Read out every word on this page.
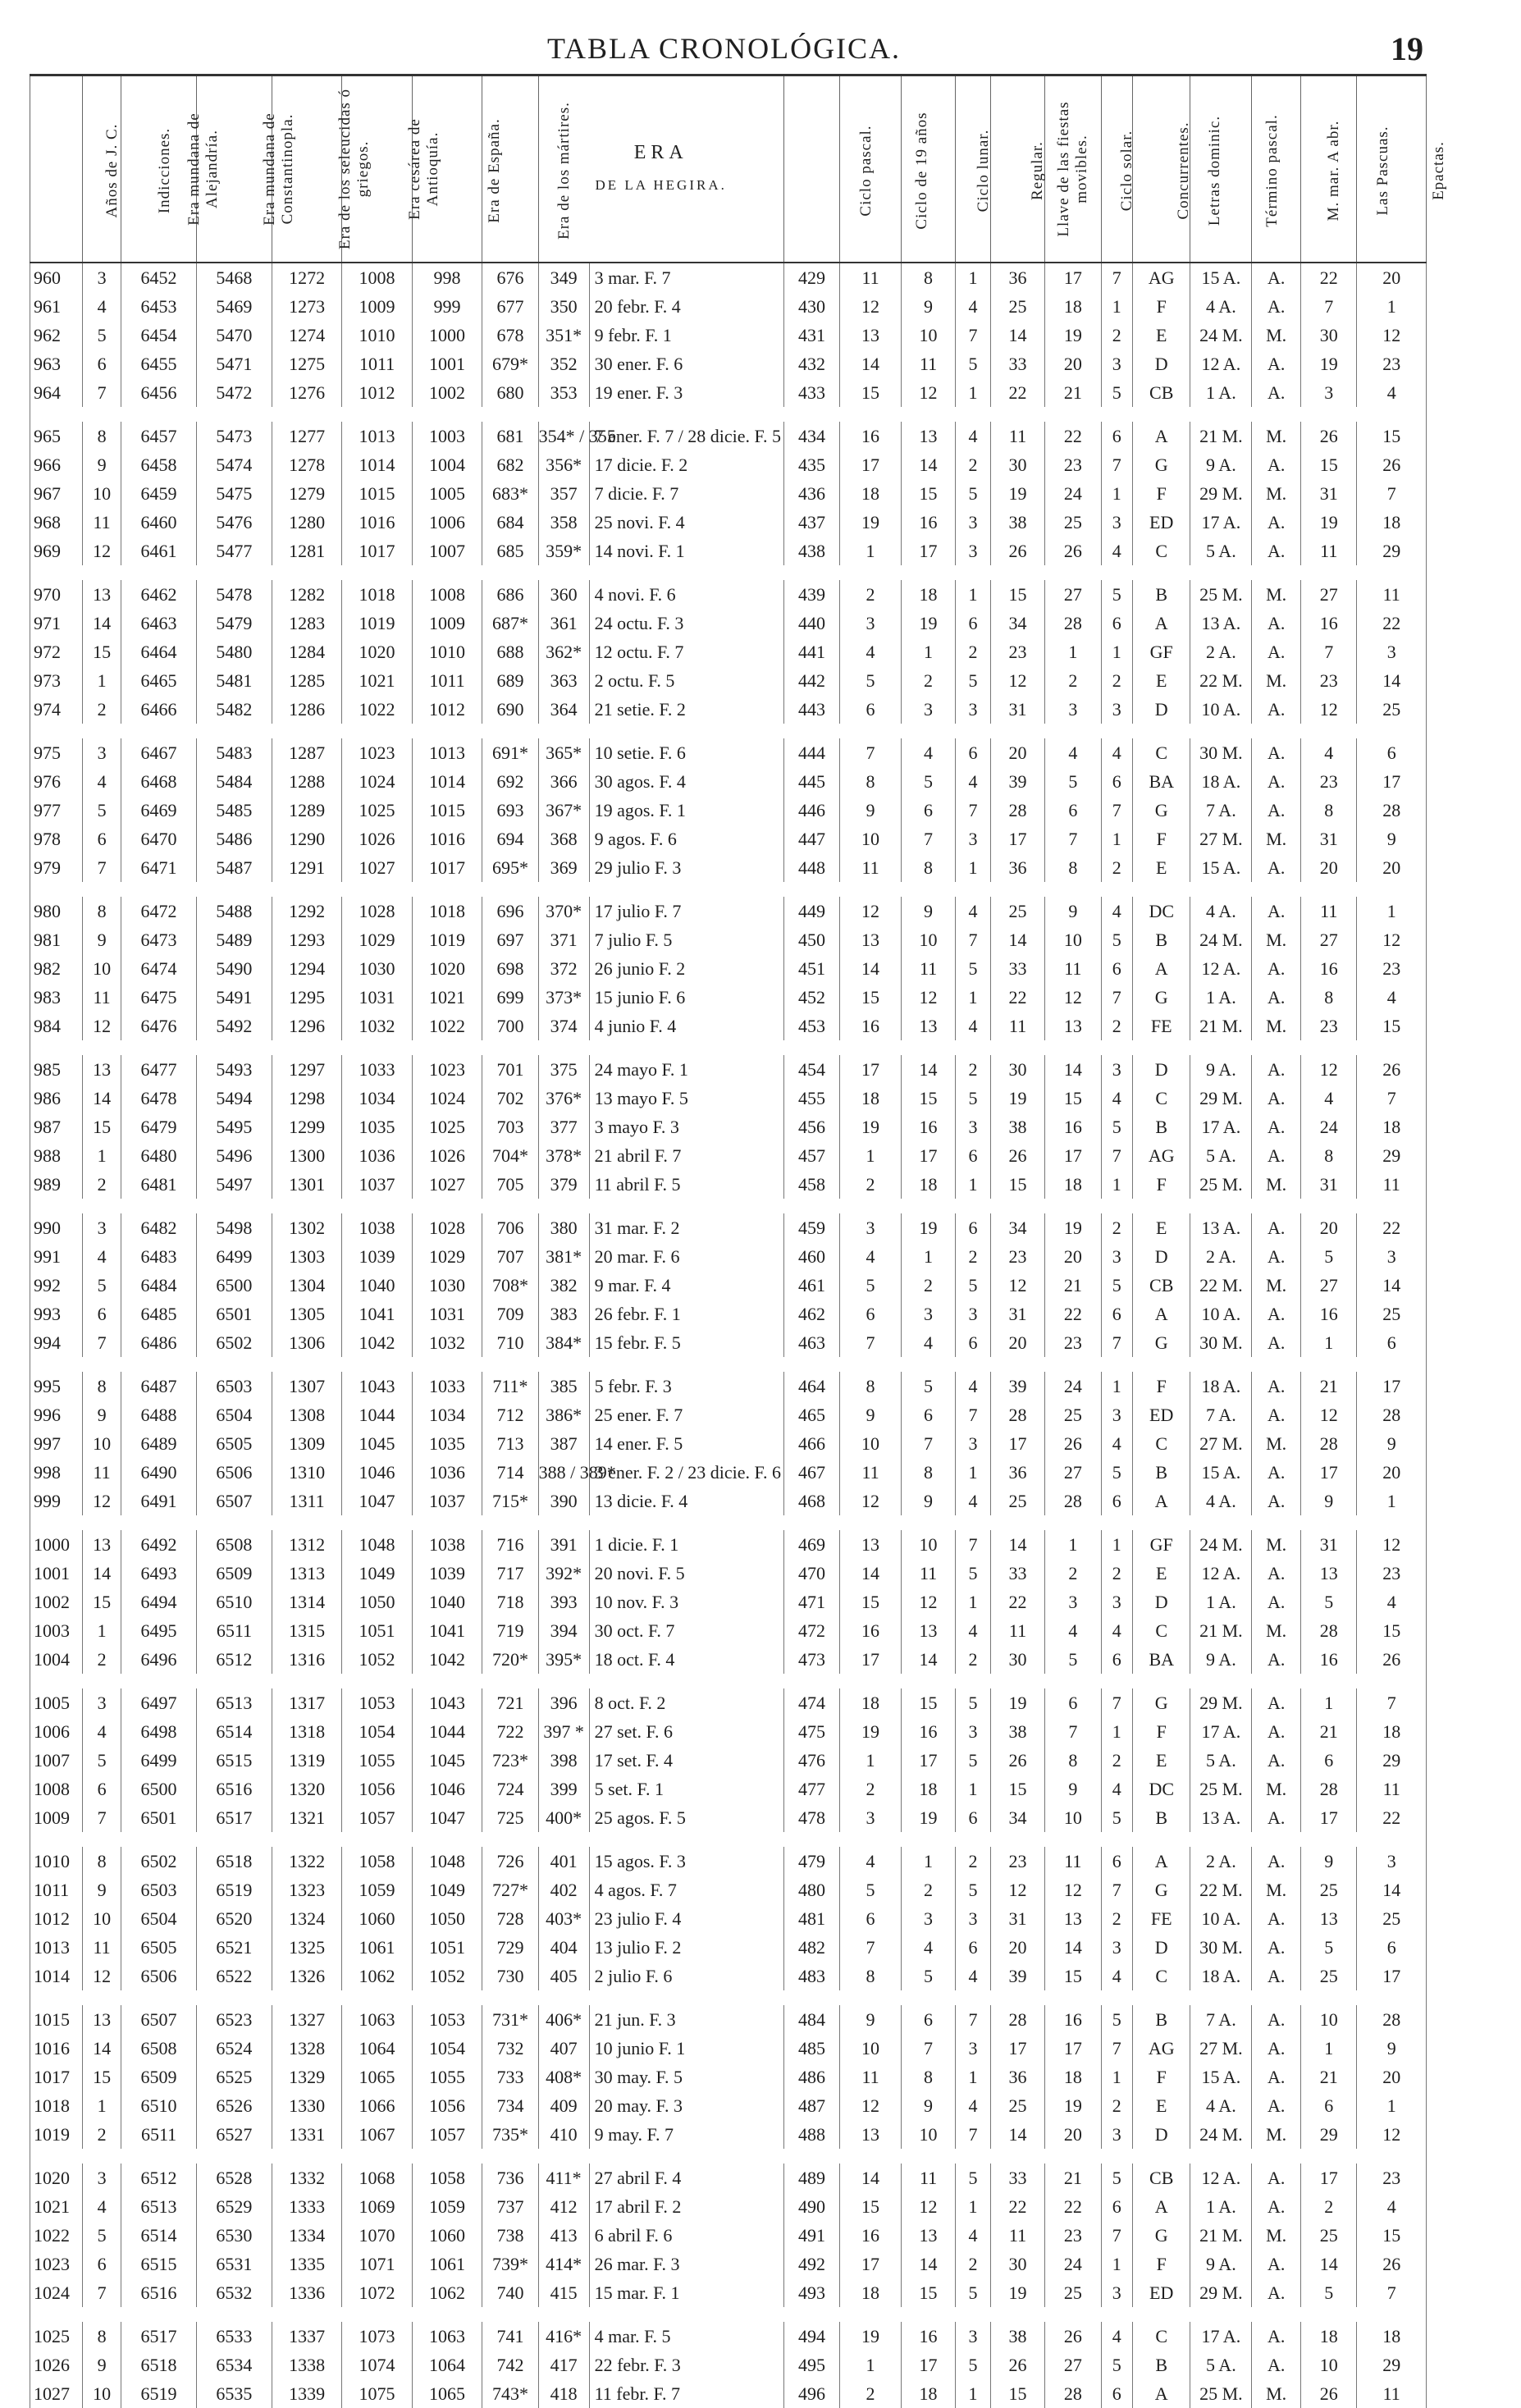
TABLA CRONOLÓGICA.	19
Años de J. C.	Indicciones.	Era mundana de Alejandría.	Era mundana de Constantinopla.	Era de los seleucidas ó griegos.	Era cesárea de Antioquía.	Era de España.	Era de los mártires.	ERA
DE LA HEGIRA.		Ciclo pascal.	Ciclo de 19 años	Ciclo lunar.	Regular.	Llave de las fiestas movibles.	Ciclo solar.	Concurrentes.	Letras dominic.	Término pascal.	M. mar. A abr.	Las Pascuas.	Epactas.
960	3	6452	5468	1272	1008	998	676	349	3 mar. F. 7	429	11	8	1	36	17	7	AG	15 A.	A.	22	20
961	4	6453	5469	1273	1009	999	677	350	20 febr. F. 4	430	12	9	4	25	18	1	F	4 A.	A.	7	1
962	5	6454	5470	1274	1010	1000	678	351*	9 febr. F. 1	431	13	10	7	14	19	2	E	24 M.	M.	30	12
963	6	6455	5471	1275	1011	1001	679*	352	30 ener. F. 6	432	14	11	5	33	20	3	D	12 A.	A.	19	23
964	7	6456	5472	1276	1012	1002	680	353	19 ener. F. 3	433	15	12	1	22	21	5	CB	1 A.	A.	3	4

965	8	6457	5473	1277	1013	1003	681	354* / 355	7 ener. F. 7 / 28 dicie. F. 5	434	16	13	4	11	22	6	A	21 M.	M.	26	15
966	9	6458	5474	1278	1014	1004	682	356*	17 dicie. F. 2	435	17	14	2	30	23	7	G	9 A.	A.	15	26
967	10	6459	5475	1279	1015	1005	683*	357	7 dicie. F. 7	436	18	15	5	19	24	1	F	29 M.	M.	31	7
968	11	6460	5476	1280	1016	1006	684	358	25 novi. F. 4	437	19	16	3	38	25	3	ED	17 A.	A.	19	18
969	12	6461	5477	1281	1017	1007	685	359*	14 novi. F. 1	438	1	17	3	26	26	4	C	5 A.	A.	11	29

970	13	6462	5478	1282	1018	1008	686	360	4 novi. F. 6	439	2	18	1	15	27	5	B	25 M.	M.	27	11
971	14	6463	5479	1283	1019	1009	687*	361	24 octu. F. 3	440	3	19	6	34	28	6	A	13 A.	A.	16	22
972	15	6464	5480	1284	1020	1010	688	362*	12 octu. F. 7	441	4	1	2	23	1	1	GF	2 A.	A.	7	3
973	1	6465	5481	1285	1021	1011	689	363	2 octu. F. 5	442	5	2	5	12	2	2	E	22 M.	M.	23	14
974	2	6466	5482	1286	1022	1012	690	364	21 setie. F. 2	443	6	3	3	31	3	3	D	10 A.	A.	12	25

975	3	6467	5483	1287	1023	1013	691*	365*	10 setie. F. 6	444	7	4	6	20	4	4	C	30 M.	A.	4	6
976	4	6468	5484	1288	1024	1014	692	366	30 agos. F. 4	445	8	5	4	39	5	6	BA	18 A.	A.	23	17
977	5	6469	5485	1289	1025	1015	693	367*	19 agos. F. 1	446	9	6	7	28	6	7	G	7 A.	A.	8	28
978	6	6470	5486	1290	1026	1016	694	368	9 agos. F. 6	447	10	7	3	17	7	1	F	27 M.	M.	31	9
979	7	6471	5487	1291	1027	1017	695*	369	29 julio F. 3	448	11	8	1	36	8	2	E	15 A.	A.	20	20

980	8	6472	5488	1292	1028	1018	696	370*	17 julio F. 7	449	12	9	4	25	9	4	DC	4 A.	A.	11	1
981	9	6473	5489	1293	1029	1019	697	371	7 julio F. 5	450	13	10	7	14	10	5	B	24 M.	M.	27	12
982	10	6474	5490	1294	1030	1020	698	372	26 junio F. 2	451	14	11	5	33	11	6	A	12 A.	A.	16	23
983	11	6475	5491	1295	1031	1021	699	373*	15 junio F. 6	452	15	12	1	22	12	7	G	1 A.	A.	8	4
984	12	6476	5492	1296	1032	1022	700	374	4 junio F. 4	453	16	13	4	11	13	2	FE	21 M.	M.	23	15

985	13	6477	5493	1297	1033	1023	701	375	24 mayo F. 1	454	17	14	2	30	14	3	D	9 A.	A.	12	26
986	14	6478	5494	1298	1034	1024	702	376*	13 mayo F. 5	455	18	15	5	19	15	4	C	29 M.	A.	4	7
987	15	6479	5495	1299	1035	1025	703	377	3 mayo F. 3	456	19	16	3	38	16	5	B	17 A.	A.	24	18
988	1	6480	5496	1300	1036	1026	704*	378*	21 abril F. 7	457	1	17	6	26	17	7	AG	5 A.	A.	8	29
989	2	6481	5497	1301	1037	1027	705	379	11 abril F. 5	458	2	18	1	15	18	1	F	25 M.	M.	31	11

990	3	6482	5498	1302	1038	1028	706	380	31 mar. F. 2	459	3	19	6	34	19	2	E	13 A.	A.	20	22
991	4	6483	6499	1303	1039	1029	707	381*	20 mar. F. 6	460	4	1	2	23	20	3	D	2 A.	A.	5	3
992	5	6484	6500	1304	1040	1030	708*	382	9 mar. F. 4	461	5	2	5	12	21	5	CB	22 M.	M.	27	14
993	6	6485	6501	1305	1041	1031	709	383	26 febr. F. 1	462	6	3	3	31	22	6	A	10 A.	A.	16	25
994	7	6486	6502	1306	1042	1032	710	384*	15 febr. F. 5	463	7	4	6	20	23	7	G	30 M.	A.	1	6

995	8	6487	6503	1307	1043	1033	711*	385	5 febr. F. 3	464	8	5	4	39	24	1	F	18 A.	A.	21	17
996	9	6488	6504	1308	1044	1034	712	386*	25 ener. F. 7	465	9	6	7	28	25	3	ED	7 A.	A.	12	28
997	10	6489	6505	1309	1045	1035	713	387	14 ener. F. 5	466	10	7	3	17	26	4	C	27 M.	M.	28	9
998	11	6490	6506	1310	1046	1036	714	388 / 389*	3 ener. F. 2 / 23 dicie. F. 6	467	11	8	1	36	27	5	B	15 A.	A.	17	20
999	12	6491	6507	1311	1047	1037	715*	390	13 dicie. F. 4	468	12	9	4	25	28	6	A	4 A.	A.	9	1

1000	13	6492	6508	1312	1048	1038	716	391	1 dicie. F. 1	469	13	10	7	14	1	1	GF	24 M.	M.	31	12
1001	14	6493	6509	1313	1049	1039	717	392*	20 novi. F. 5	470	14	11	5	33	2	2	E	12 A.	A.	13	23
1002	15	6494	6510	1314	1050	1040	718	393	10 nov. F. 3	471	15	12	1	22	3	3	D	1 A.	A.	5	4
1003	1	6495	6511	1315	1051	1041	719	394	30 oct. F. 7	472	16	13	4	11	4	4	C	21 M.	M.	28	15
1004	2	6496	6512	1316	1052	1042	720*	395*	18 oct. F. 4	473	17	14	2	30	5	6	BA	9 A.	A.	16	26

1005	3	6497	6513	1317	1053	1043	721	396	8 oct. F. 2	474	18	15	5	19	6	7	G	29 M.	A.	1	7
1006	4	6498	6514	1318	1054	1044	722	397 *	27 set. F. 6	475	19	16	3	38	7	1	F	17 A.	A.	21	18
1007	5	6499	6515	1319	1055	1045	723*	398	17 set. F. 4	476	1	17	5	26	8	2	E	5 A.	A.	6	29
1008	6	6500	6516	1320	1056	1046	724	399	5 set. F. 1	477	2	18	1	15	9	4	DC	25 M.	M.	28	11
1009	7	6501	6517	1321	1057	1047	725	400*	25 agos. F. 5	478	3	19	6	34	10	5	B	13 A.	A.	17	22

1010	8	6502	6518	1322	1058	1048	726	401	15 agos. F. 3	479	4	1	2	23	11	6	A	2 A.	A.	9	3
1011	9	6503	6519	1323	1059	1049	727*	402	4 agos. F. 7	480	5	2	5	12	12	7	G	22 M.	M.	25	14
1012	10	6504	6520	1324	1060	1050	728	403*	23 julio F. 4	481	6	3	3	31	13	2	FE	10 A.	A.	13	25
1013	11	6505	6521	1325	1061	1051	729	404	13 julio F. 2	482	7	4	6	20	14	3	D	30 M.	A.	5	6
1014	12	6506	6522	1326	1062	1052	730	405	2 julio F. 6	483	8	5	4	39	15	4	C	18 A.	A.	25	17

1015	13	6507	6523	1327	1063	1053	731*	406*	21 jun. F. 3	484	9	6	7	28	16	5	B	7 A.	A.	10	28
1016	14	6508	6524	1328	1064	1054	732	407	10 junio F. 1	485	10	7	3	17	17	7	AG	27 M.	A.	1	9
1017	15	6509	6525	1329	1065	1055	733	408*	30 may. F. 5	486	11	8	1	36	18	1	F	15 A.	A.	21	20
1018	1	6510	6526	1330	1066	1056	734	409	20 may. F. 3	487	12	9	4	25	19	2	E	4 A.	A.	6	1
1019	2	6511	6527	1331	1067	1057	735*	410	9 may. F. 7	488	13	10	7	14	20	3	D	24 M.	M.	29	12

1020	3	6512	6528	1332	1068	1058	736	411*	27 abril F. 4	489	14	11	5	33	21	5	CB	12 A.	A.	17	23
1021	4	6513	6529	1333	1069	1059	737	412	17 abril F. 2	490	15	12	1	22	22	6	A	1 A.	A.	2	4
1022	5	6514	6530	1334	1070	1060	738	413	6 abril F. 6	491	16	13	4	11	23	7	G	21 M.	M.	25	15
1023	6	6515	6531	1335	1071	1061	739*	414*	26 mar. F. 3	492	17	14	2	30	24	1	F	9 A.	A.	14	26
1024	7	6516	6532	1336	1072	1062	740	415	15 mar. F. 1	493	18	15	5	19	25	3	ED	29 M.	A.	5	7

1025	8	6517	6533	1337	1073	1063	741	416*	4 mar. F. 5	494	19	16	3	38	26	4	C	17 A.	A.	18	18
1026	9	6518	6534	1338	1074	1064	742	417	22 febr. F. 3	495	1	17	5	26	27	5	B	5 A.	A.	10	29
1027	10	6519	6535	1339	1075	1065	743*	418	11 febr. F. 7	496	2	18	1	15	28	6	A	25 M.	M.	26	11
